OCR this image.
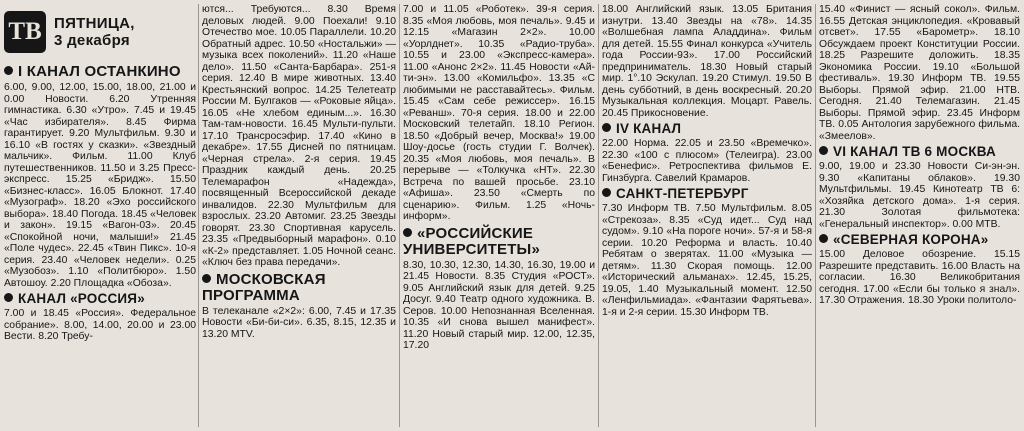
ТВ ПЯТНИЦА,
3 декабря
I КАНАЛ ОСТАНКИНО

6.00, 9.00, 12.00, 15.00, 18.00, 21.00 и 0.00 Новости. 6.20 Утренняя гимнастика. 6.30 «Утро». 7.45 и 19.45 «Час избирателя». 8.45 Фирма гарантирует. 9.20 Мультфильм. 9.30 и 16.10 «В гостях у сказки». «Звездный мальчик». Фильм. 11.00 Клуб путешественников. 11.50 и 3.25 Пресс-экспресс. 15.25 «Бридж». 15.50 «Бизнес-класс». 16.05 Блокнот. 17.40 «Музограф». 18.20 «Эхо российского выбора». 18.40 Погода. 18.45 «Человек и закон». 19.15 «Вагон-03». 20.45 «Спокойной ночи, малыши!» 21.45 «Поле чудес». 22.45 «Твин Пикс». 10-я серия. 23.40 «Человек недели». 0.25 «Музобоз». 1.10 «Политбюро». 1.50 Автошоу. 2.20 Площадка «Обоза».

КАНАЛ «РОССИЯ»

7.00 и 18.45 «Россия». Федеральное собрание». 8.00, 14.00, 20.00 и 23.00 Вести. 8.20 Требу-

ются... Требуются... 8.30 Время деловых людей. 9.00 Поехали! 9.10 Отечество мое. 10.05 Параллели. 10.20 Обратный адрес. 10.50 «Ностальжи» — музыка всех поколений». 11.20 «Наше дело». 11.50 «Санта-Барбара». 251-я серия. 12.40 В мире животных. 13.40 Крестьянский вопрос. 14.25 Телетеатр России М. Булгаков — «Роковые яйца». 16.05 «Не хлебом единым...». 16.30 Там-там-новости. 16.45 Мульти-пульти. 17.10 Трансросэфир. 17.40 «Кино в декабре». 17.55 Дисней по пятницам. «Черная стрела». 2-я серия. 19.45 Праздник каждый день. 20.25 Телемарафон «Надежда», посвященный Всероссийской декаде инвалидов. 22.30 Мультфильм для взрослых. 23.20 Автомиг. 23.25 Звезды говорят. 23.30 Спортивная карусель. 23.35 «Предвыборный марафон». 0.10 «К-2» представляет. 1.05 Ночной сеанс. «Ключ без права передачи».

МОСКОВСКАЯ ПРОГРАММА

В телеканале «2×2»: 6.00, 7.45 и 17.35 Новости «Би-би-си». 6.35, 8.15, 12.35 и 13.20 MTV.

7.00 и 11.05 «Роботек». 39-я серия. 8.35 «Моя любовь, моя печаль». 9.45 и 12.15 «Магазин 2×2». 10.00 «Уорлднет». 10.35 «Радио-труба». 10.55 и 23.00 «Экспресс-камера». 11.00 «Анонс 2×2». 11.45 Новости «Ай-ти-эн». 13.00 «Комильфо». 13.35 «С любимыми не расставайтесь». Фильм. 15.45 «Сам себе режиссер». 16.15 «Реванш». 70-я серия. 18.00 и 22.00 Московский телетайп. 18.10 Регион. 18.50 «Добрый вечер, Москва!» 19.00 Шоу-досье (гость студии Г. Волчек). 20.35 «Моя любовь, моя печаль». В перерыве — «Толкучка «НТ». 22.30 Встреча по вашей просьбе. 23.10 «Афиша». 23.50 «Смерть по сценарию». Фильм. 1.25 «Ночь-информ».

«РОССИЙСКИЕ УНИВЕРСИТЕТЫ»

8.30, 10.30, 12.30, 14.30, 16.30, 19.00 и 21.45 Новости. 8.35 Студия «РОСТ». 9.05 Английский язык для детей. 9.25 Досуг. 9.40 Театр одного художника. В. Серов. 10.00 Непознанная Вселенная. 10.35 «И снова вышел манифест». 11.20 Новый старый мир. 12.00, 12.35, 17.20

18.00 Английский язык. 13.05 Британия изнутри. 13.40 Звезды на «78». 14.35 «Волшебная лампа Аладдина». Фильм для детей. 15.55 Финал конкурса «Учитель года России-93». 17.00 Российский предприниматель. 18.30 Новый старый мир. 1°.10 Эскулап. 19.20 Стимул. 19.50 В день субботний, в день воскресный. 20.20 Музыкальная коллекция. Моцарт. Равель. 20.45 Прикосновение.

IV КАНАЛ

22.00 Норма. 22.05 и 23.50 «Времечко». 22.30 «100 с плюсом» (Телеигра). 23.00 «Бенефис». Ретроспектива фильмов Е. Гинзбурга. Савелий Крамаров.

САНКТ-ПЕТЕРБУРГ

7.30 Информ ТВ. 7.50 Мультфильм. 8.05 «Стрекоза». 8.35 «Суд идет... Суд над судом». 9.10 «На пороге ночи». 57-я и 58-я серии. 10.20 Реформа и власть. 10.40 Ребятам о зверятах. 11.00 «Музыка — детям». 11.30 Скорая помощь. 12.00 «Исторический альманах». 12.45, 15.25, 19.05, 1.40 Музыкальный момент. 12.50 «Ленфильмиада». «Фантазии Фарятьева». 1-я и 2-я серии. 15.30 Информ ТВ.

15.40 «Финист — ясный сокол». Фильм. 16.55 Детская энциклопедия. «Кровавый отсвет». 17.55 «Барометр». 18.10 Обсуждаем проект Конституции России. 18.25 Разрешите доложить. 18.35 Экономика России. 19.10 «Большой фестиваль». 19.30 Информ ТВ. 19.55 Выборы. Прямой эфир. 21.00 НТВ. Сегодня. 21.40 Телемагазин. 21.45 Выборы. Прямой эфир. 23.45 Информ ТВ. 0.05 Антология зарубежного фильма. «Змеелов».

VI КАНАЛ ТВ 6 МОСКВА

9.00, 19.00 и 23.30 Новости Си-эн-эн. 9.30 «Капитаны облаков». 19.30 Мультфильмы. 19.45 Кинотеатр ТВ 6: «Хозяйка детского дома». 1-я серия. 21.30 Золотая фильмотека: «Генеральный инспектор». 0.00 МТВ.

«СЕВЕРНАЯ КОРОНА»

15.00 Деловое обозрение. 15.15 Разрешите представить. 16.00 Власть на согласии. 16.30 Великобритания сегодня. 17.00 «Если бы только я знал». 17.30 Отражения. 18.30 Уроки политоло-
